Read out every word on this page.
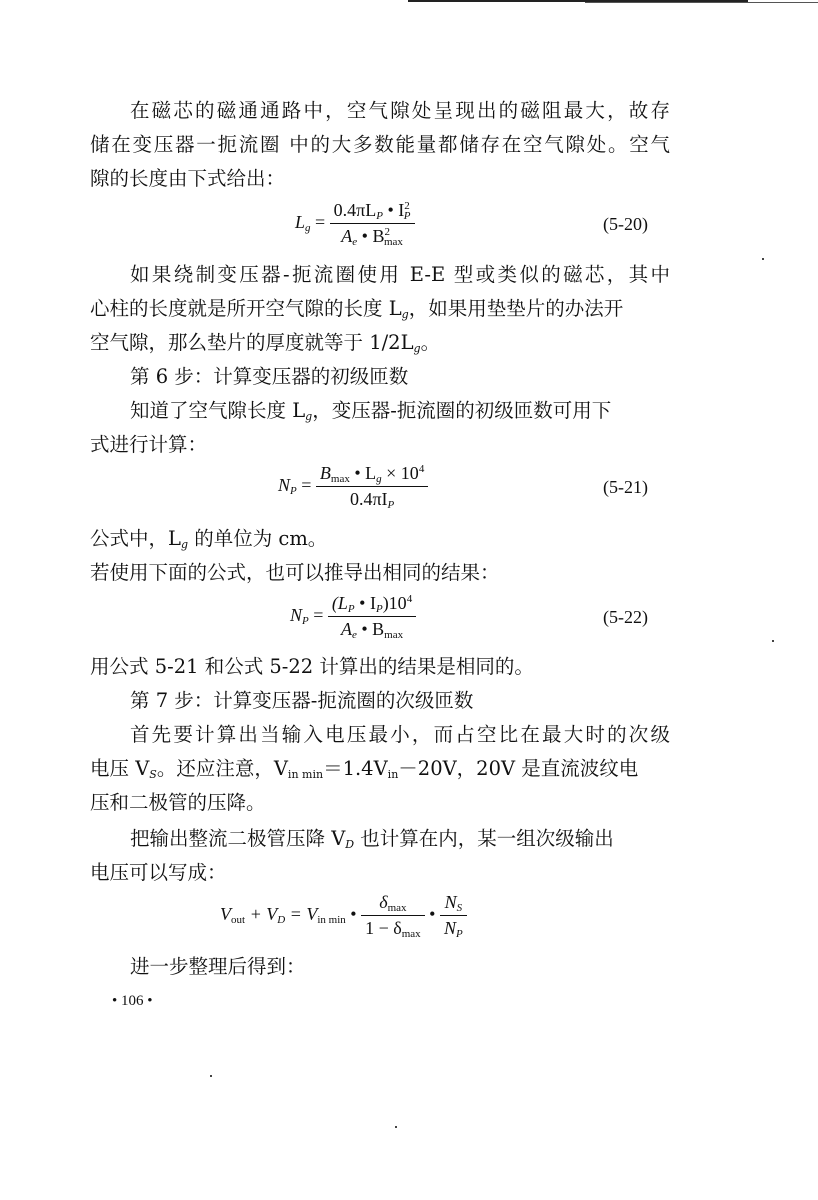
在磁芯的磁通通路中，空气隙处呈现出的磁阻最大，故存
储在变压器一扼流圈 中的大多数能量都储存在空气隙处。空气
隙的长度由下式给出：
$L_g = \frac{0.4\pi L_P • I^2_P}{A_e • B^2_{max}}$	(5-20)
如果绕制变压器-扼流圈使用 E-E 型或类似的磁芯，其中
心柱的长度就是所开空气隙的长度 $L_g$，如果用垫垫片的办法开
空气隙，那么垫片的厚度就等于 $1/2L_g$。
第 6 步：计算变压器的初级匝数
知道了空气隙长度 $L_g$，变压器-扼流圈的初级匝数可用下
式进行计算：
$N_P = \frac{B_{max} • L_g \times 10^4}{0.4\pi I_P}$	(5-21)
公式中，$L_g$ 的单位为 cm。
若使用下面的公式，也可以推导出相同的结果：
$N_P = \frac{(L_P • I_P)10^4}{A_e • B_{max}}$	(5-22)
用公式 5-21 和公式 5-22 计算出的结果是相同的。
第 7 步：计算变压器-扼流圈的次级匝数
首先要计算出当输入电压最小，而占空比在最大时的次级
电压 $V_S$。还应注意，$V_{in min}=1.4V_{in}-20V$，20V 是直流波纹电
压和二极管的压降。
把输出整流二极管压降 $V_D$ 也计算在内，某一组次级输出
电压可以写成：
$V_{out} + V_D = V_{in min}$ • $\frac{\delta_{max}}{1 - \delta_{max}}$ • $\frac{N_S}{N_P}$
进一步整理后得到：
• 106 •
